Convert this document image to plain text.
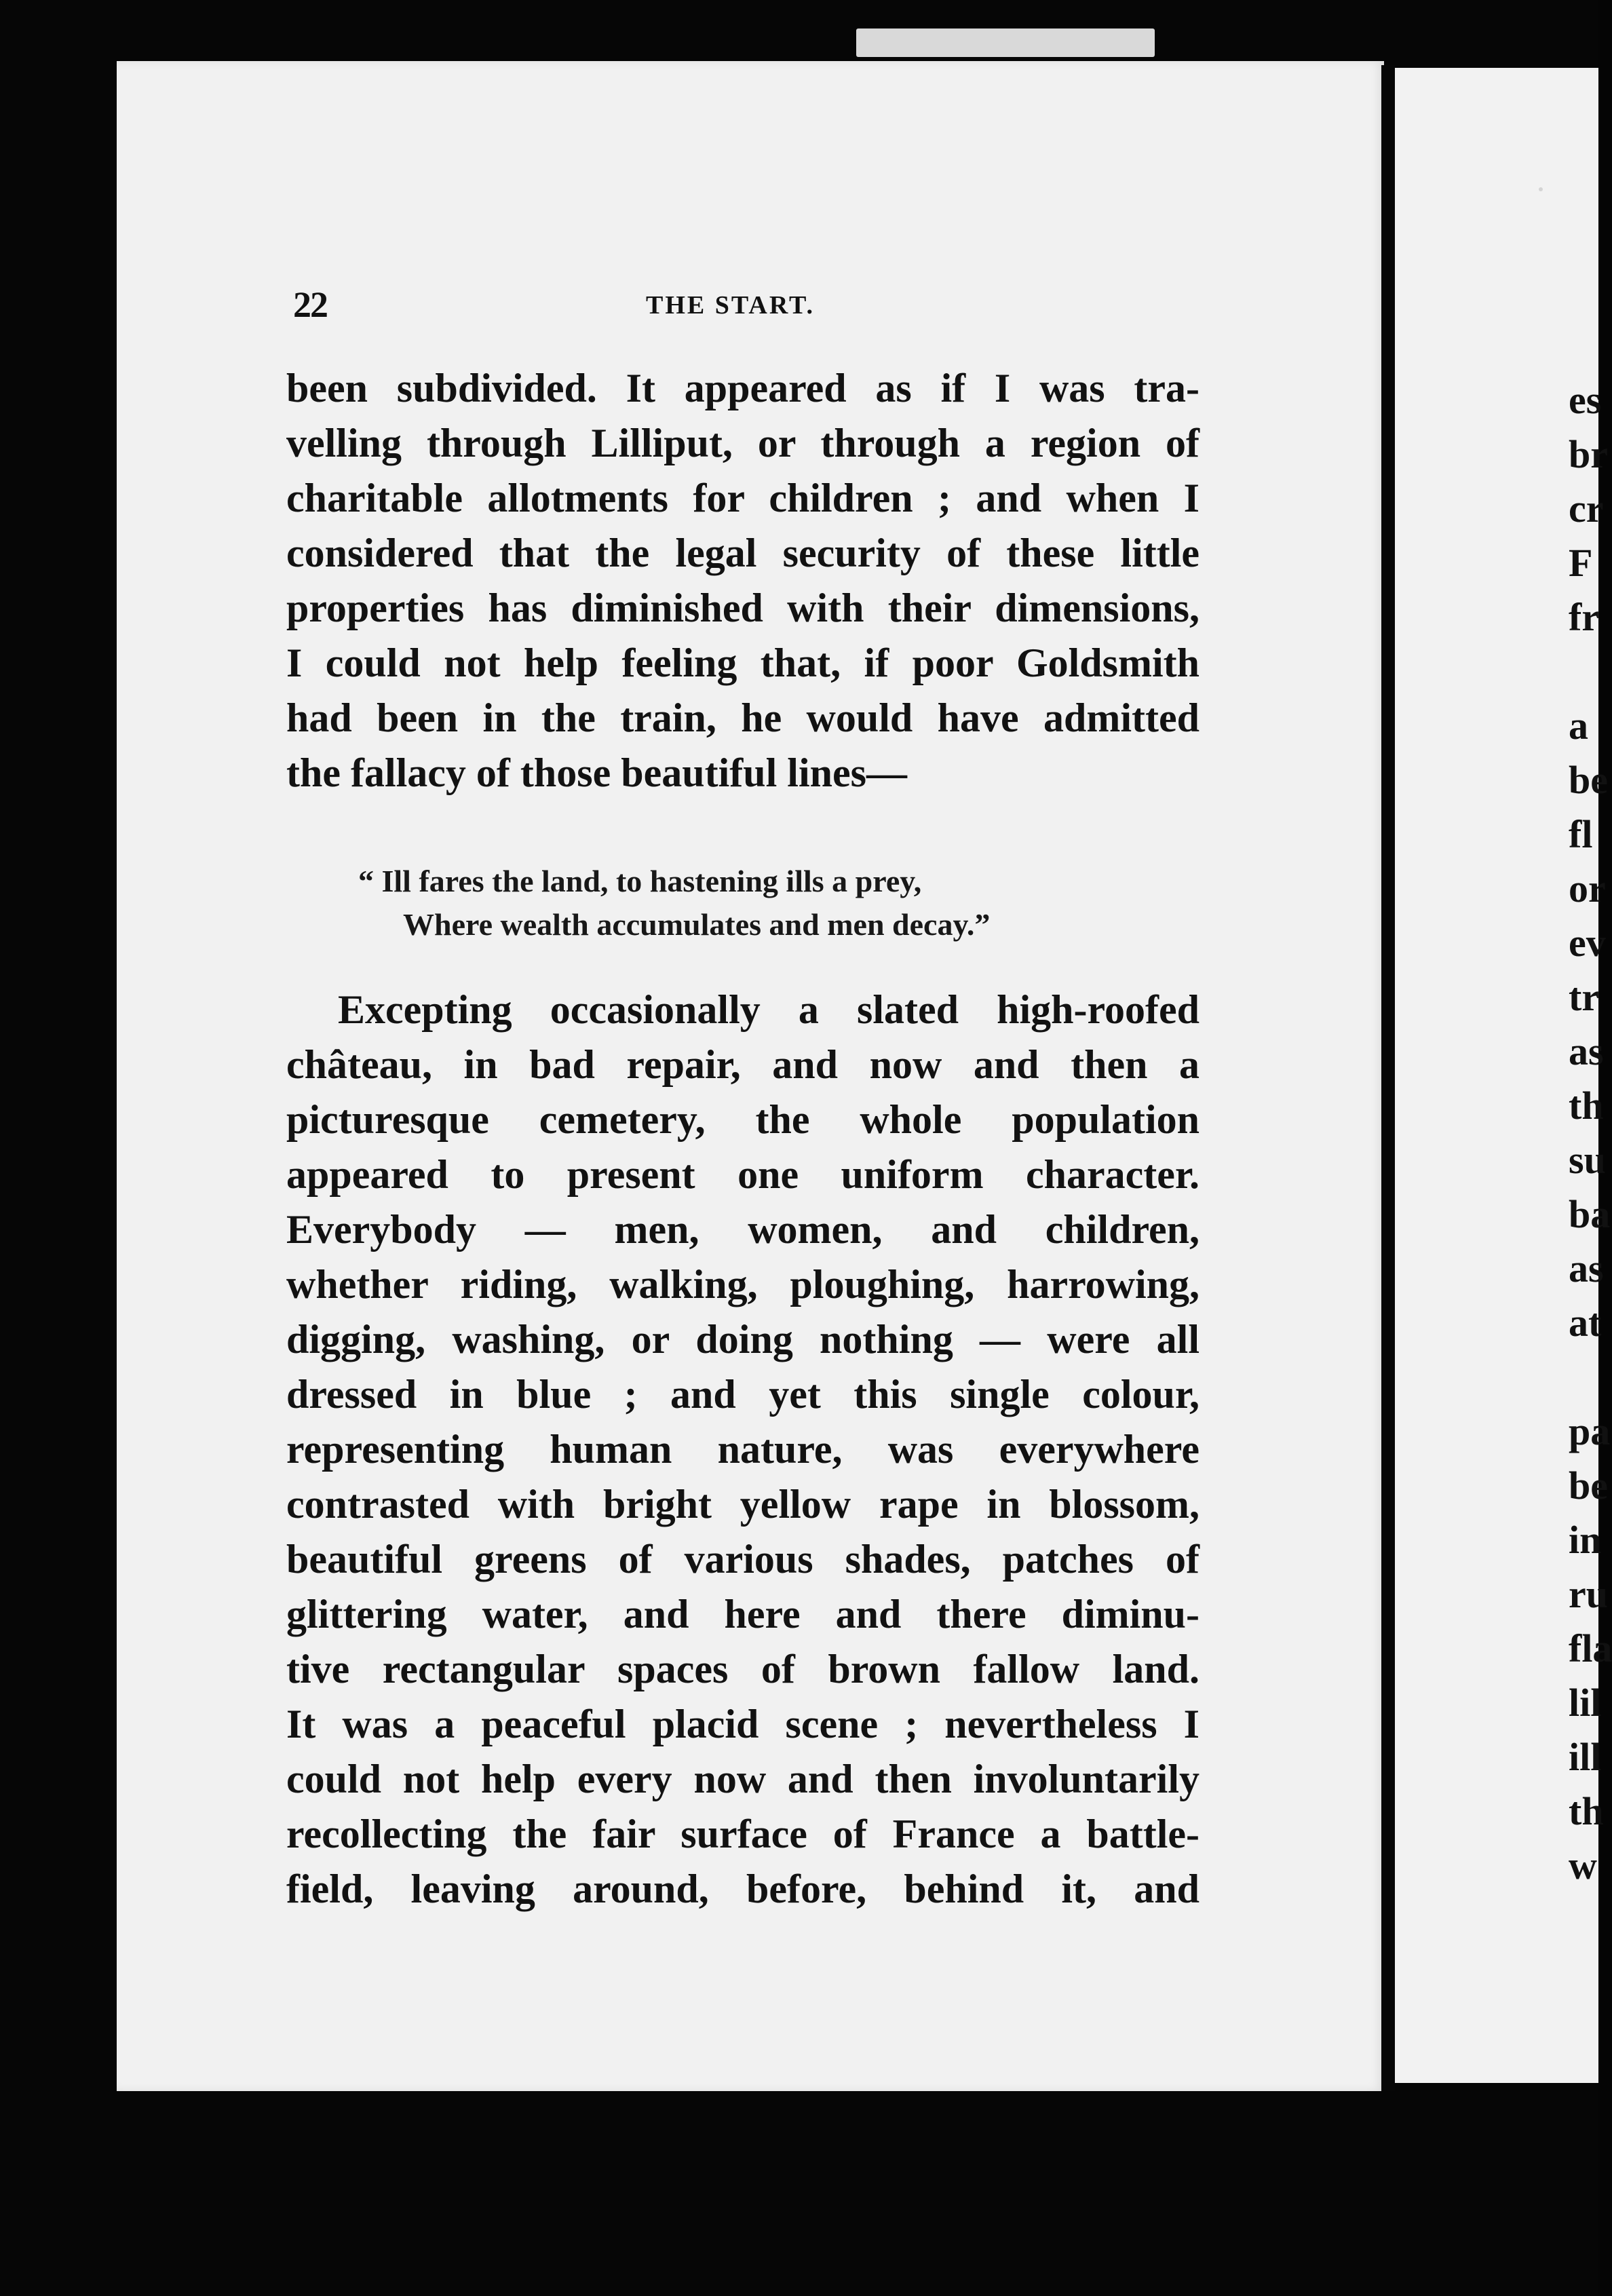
22	THE START.
been subdivided. It appeared as if I was tra-
velling through Lilliput, or through a region of
charitable allotments for children ; and when I
considered that the legal security of these little
properties has diminished with their dimensions,
I could not help feeling that, if poor Goldsmith
had been in the train, he would have admitted
the fallacy of those beautiful lines—
“ Ill fares the land, to hastening ills a prey,
Where wealth accumulates and men decay.”
Excepting occasionally a slated high-roofed
château, in bad repair, and now and then a
picturesque cemetery, the whole population
appeared to present one uniform character.
Everybody — men, women, and children,
whether riding, walking, ploughing, harrowing,
digging, washing, or doing nothing — were all
dressed in blue ; and yet this single colour,
representing human nature, was everywhere
contrasted with bright yellow rape in blossom,
beautiful greens of various shades, patches of
glittering water, and here and there diminu-
tive rectangular spaces of brown fallow land.
It was a peaceful placid scene ; nevertheless I
could not help every now and then involuntarily
recollecting the fair surface of France a battle-
field, leaving around, before, behind it, and
es
br
cr
F
fr
a
be
fl
or
ev
tr
as
th
su
ba
as
at
pa
be
in
ru
fla
lil
ill
th
w
